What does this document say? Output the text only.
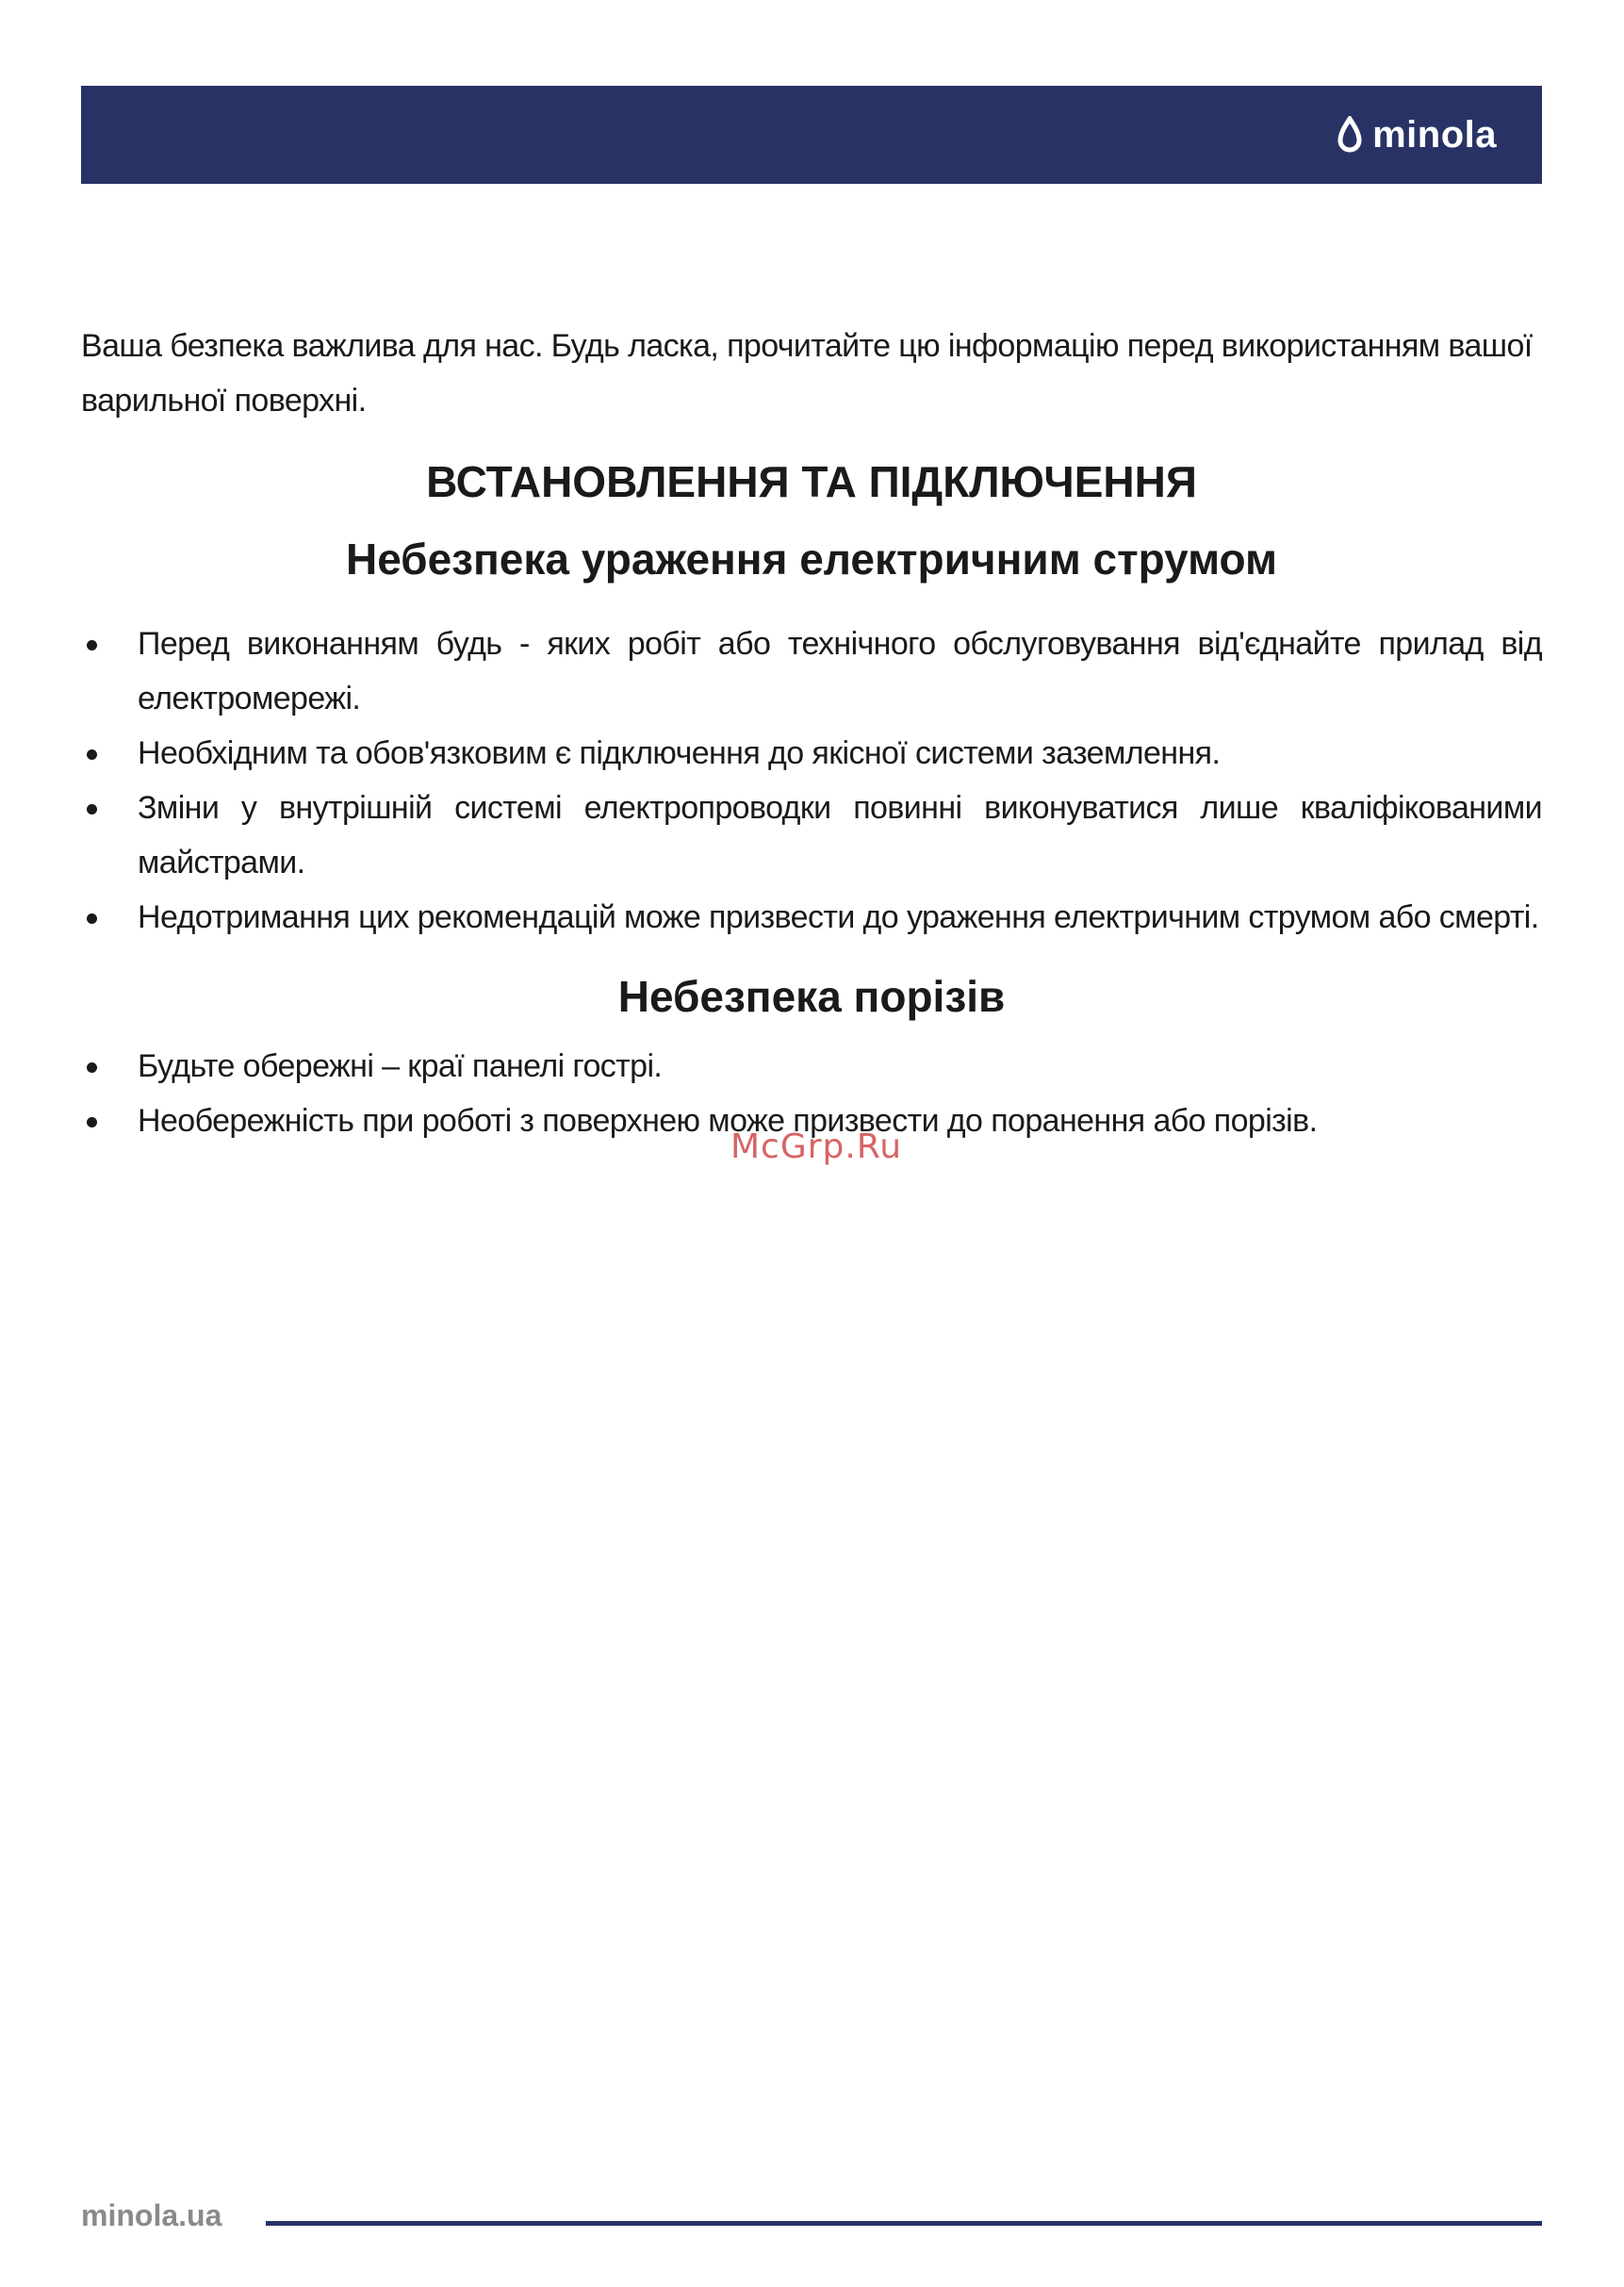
minola

Ваша безпека важлива для нас. Будь ласка, прочитайте цю інформацію перед використанням вашої варильної поверхні.

ВСТАНОВЛЕННЯ ТА ПІДКЛЮЧЕННЯ
Небезпека ураження електричним струмом
Перед виконанням будь - яких робіт або технічного обслуговування від'єднайте прилад від електромережі.
Необхідним та обов'язковим є підключення до якісної системи заземлення.
Зміни у внутрішній системі електропроводки повинні виконуватися лише кваліфікованими майстрами.
Недотримання цих рекомендацій може призвести до ураження електричним струмом або смерті.
Небезпека порізів
Будьте обережні – краї панелі гострі.
Необережність при роботі з поверхнею може призвести до поранення або порізів.
McGrp.Ru
minola.ua
